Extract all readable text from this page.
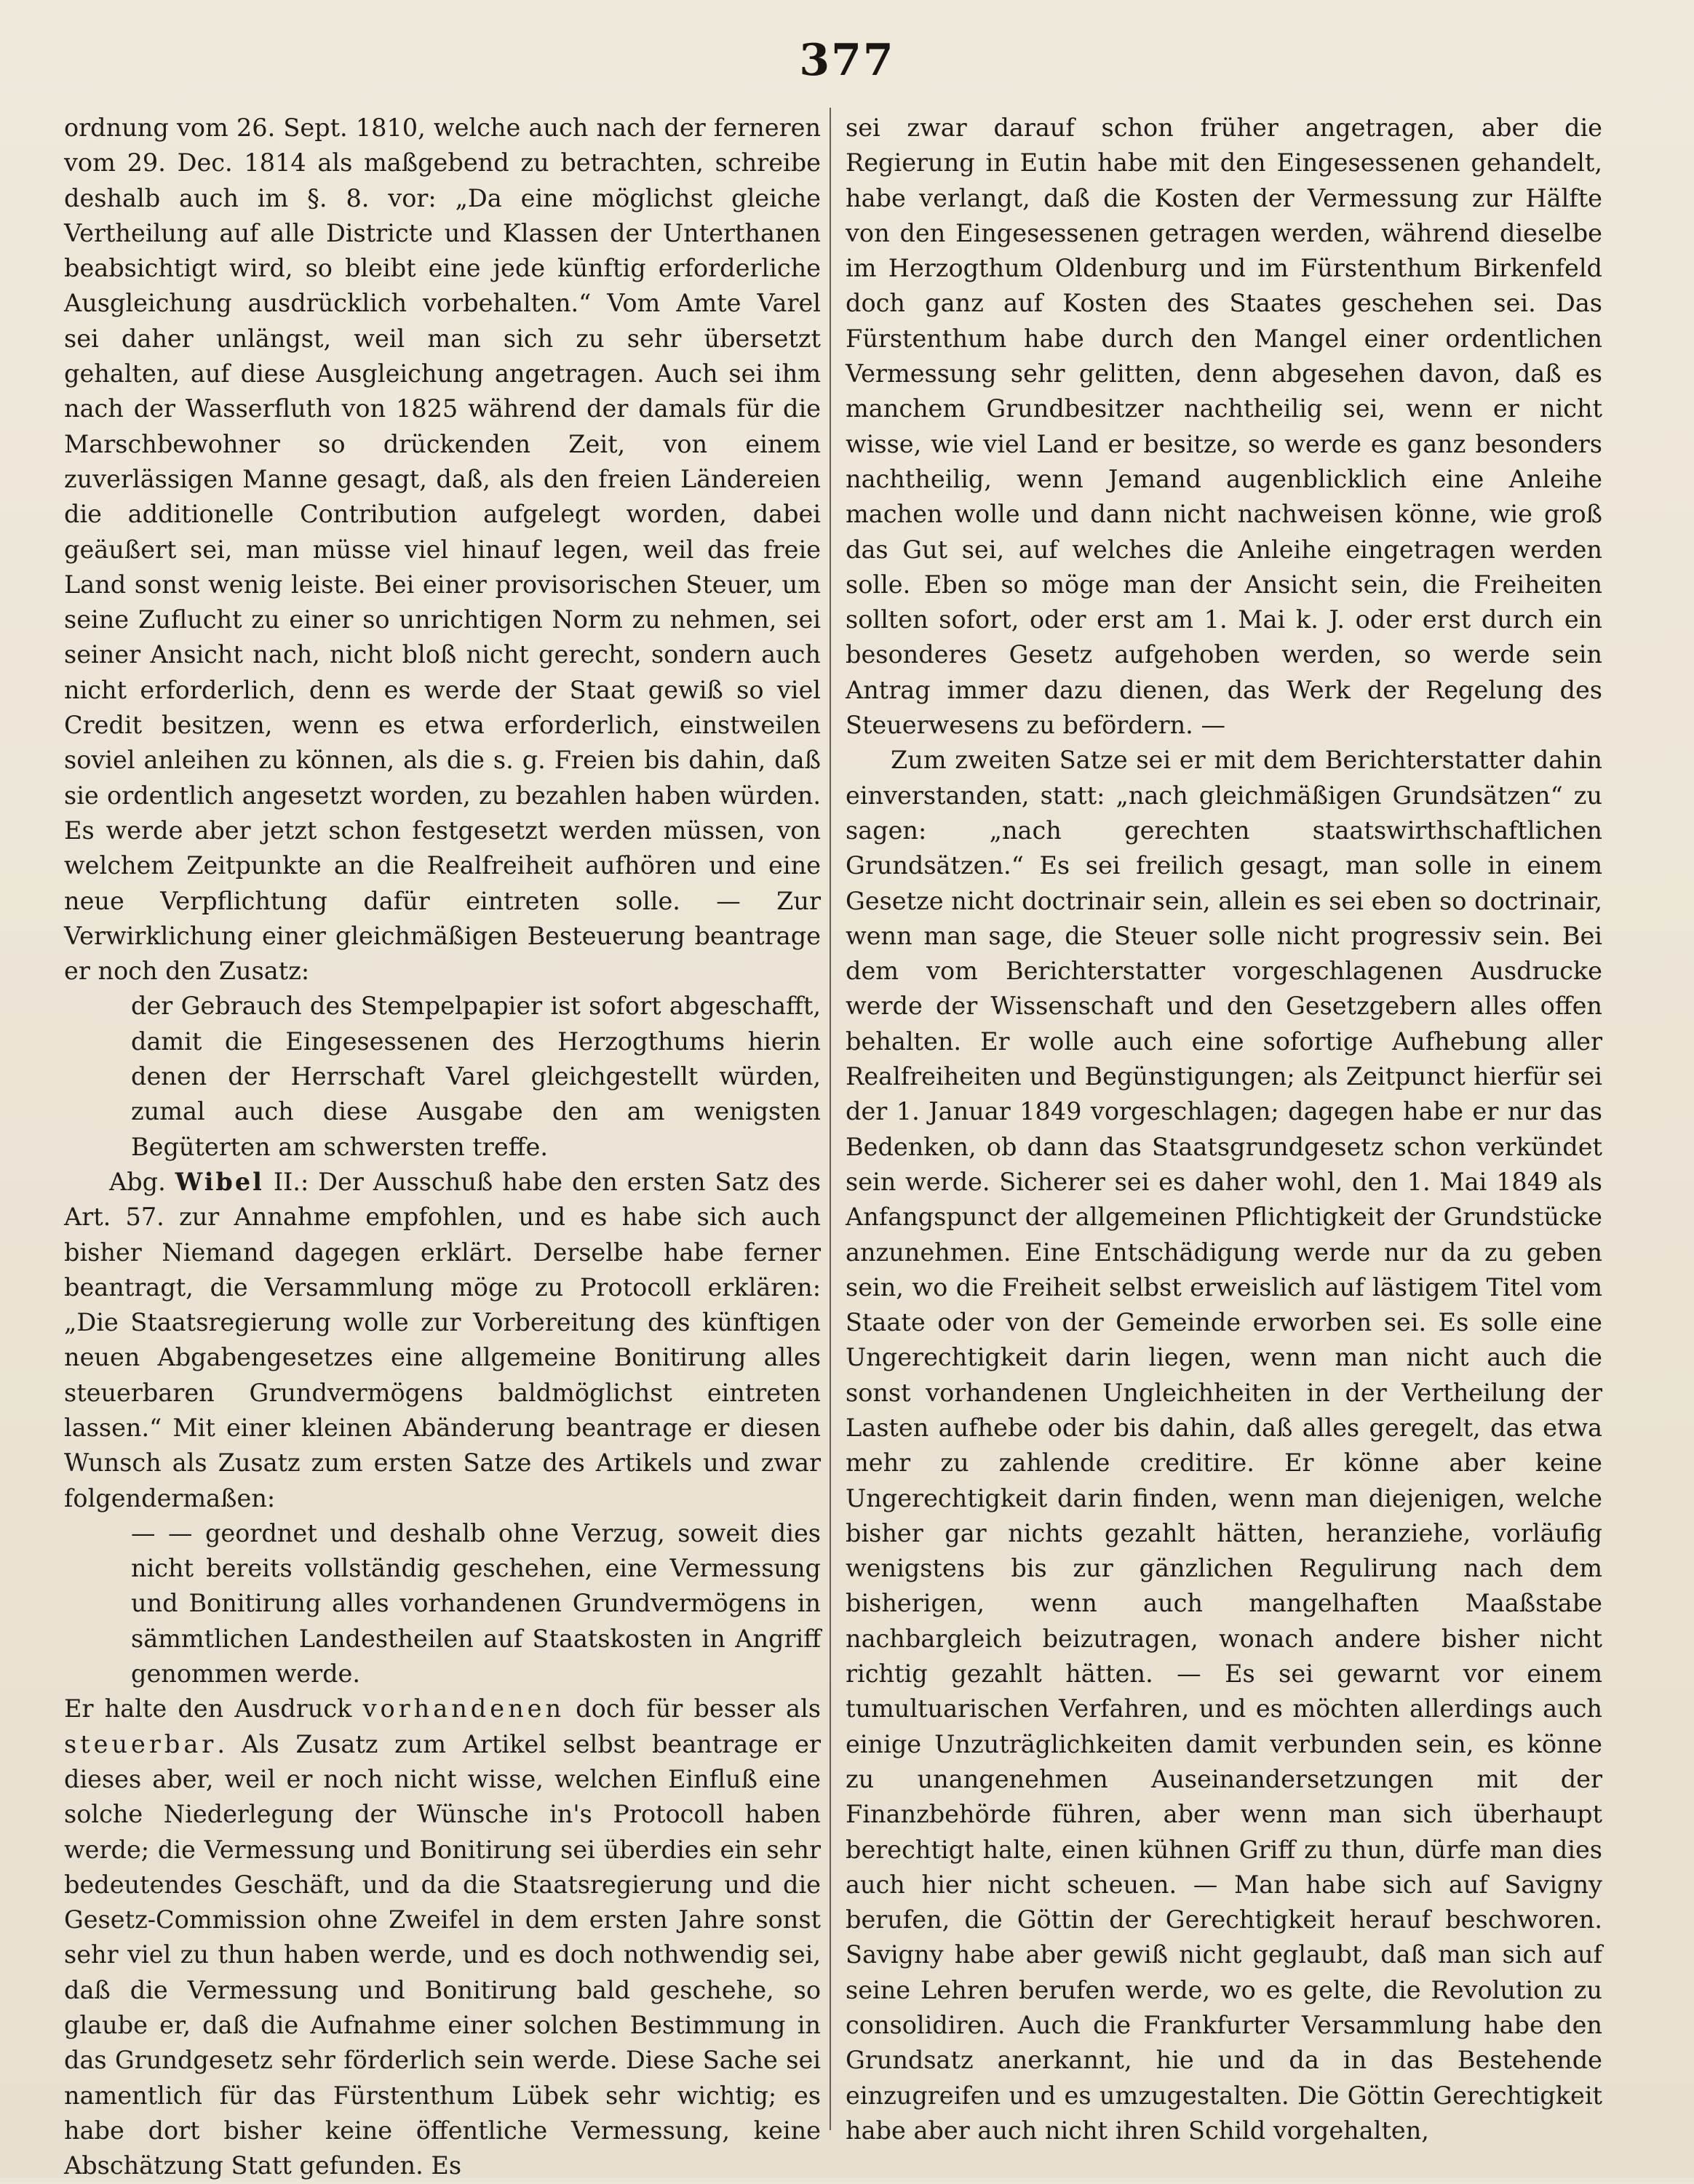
377

ordnung vom 26. Sept. 1810, welche auch nach der ferneren vom 29. Dec. 1814 als maßgebend zu betrachten, schreibe deshalb auch im §. 8. vor: „Da eine möglichst gleiche Vertheilung auf alle Districte und Klassen der Unterthanen beabsichtigt wird, so bleibt eine jede künftig erforderliche Ausgleichung ausdrücklich vorbehalten.“ Vom Amte Varel sei daher unlängst, weil man sich zu sehr übersetzt gehalten, auf diese Ausgleichung angetragen. Auch sei ihm nach der Wasserfluth von 1825 während der damals für die Marschbewohner so drückenden Zeit, von einem zuverlässigen Manne gesagt, daß, als den freien Ländereien die additionelle Contribution aufgelegt worden, dabei geäußert sei, man müsse viel hinauf legen, weil das freie Land sonst wenig leiste. Bei einer provisorischen Steuer, um seine Zuflucht zu einer so unrichtigen Norm zu nehmen, sei seiner Ansicht nach, nicht bloß nicht gerecht, sondern auch nicht erforderlich, denn es werde der Staat gewiß so viel Credit besitzen, wenn es etwa erforderlich, einstweilen soviel anleihen zu können, als die s. g. Freien bis dahin, daß sie ordentlich angesetzt worden, zu bezahlen haben würden. Es werde aber jetzt schon festgesetzt werden müssen, von welchem Zeitpunkte an die Realfreiheit aufhören und eine neue Verpflichtung dafür eintreten solle. — Zur Verwirklichung einer gleichmäßigen Besteuerung beantrage er noch den Zusatz:

der Gebrauch des Stempelpapier ist sofort abgeschafft, damit die Eingesessenen des Herzogthums hierin denen der Herrschaft Varel gleichgestellt würden, zumal auch diese Ausgabe den am wenigsten Begüterten am schwersten treffe.

Abg. Wibel II.: Der Ausschuß habe den ersten Satz des Art. 57. zur Annahme empfohlen, und es habe sich auch bisher Niemand dagegen erklärt. Derselbe habe ferner beantragt, die Versammlung möge zu Protocoll erklären: „Die Staatsregierung wolle zur Vorbereitung des künftigen neuen Abgabengesetzes eine allgemeine Bonitirung alles steuerbaren Grundvermögens baldmöglichst eintreten lassen.“ Mit einer kleinen Abänderung beantrage er diesen Wunsch als Zusatz zum ersten Satze des Artikels und zwar folgendermaßen:

— — geordnet und deshalb ohne Verzug, soweit dies nicht bereits vollständig geschehen, eine Vermessung und Bonitirung alles vorhandenen Grundvermögens in sämmtlichen Landestheilen auf Staatskosten in Angriff genommen werde.

Er halte den Ausdruck vorhandenen doch für besser als steuerbar. Als Zusatz zum Artikel selbst beantrage er dieses aber, weil er noch nicht wisse, welchen Einfluß eine solche Niederlegung der Wünsche in's Protocoll haben werde; die Vermessung und Bonitirung sei überdies ein sehr bedeutendes Geschäft, und da die Staatsregierung und die Gesetz-Commission ohne Zweifel in dem ersten Jahre sonst sehr viel zu thun haben werde, und es doch nothwendig sei, daß die Vermessung und Bonitirung bald geschehe, so glaube er, daß die Aufnahme einer solchen Bestimmung in das Grundgesetz sehr förderlich sein werde. Diese Sache sei namentlich für das Fürstenthum Lübek sehr wichtig; es habe dort bisher keine öffentliche Vermessung, keine Abschätzung Statt gefunden. Es

sei zwar darauf schon früher angetragen, aber die Regierung in Eutin habe mit den Eingesessenen gehandelt, habe verlangt, daß die Kosten der Vermessung zur Hälfte von den Eingesessenen getragen werden, während dieselbe im Herzogthum Oldenburg und im Fürstenthum Birkenfeld doch ganz auf Kosten des Staates geschehen sei. Das Fürstenthum habe durch den Mangel einer ordentlichen Vermessung sehr gelitten, denn abgesehen davon, daß es manchem Grundbesitzer nachtheilig sei, wenn er nicht wisse, wie viel Land er besitze, so werde es ganz besonders nachtheilig, wenn Jemand augenblicklich eine Anleihe machen wolle und dann nicht nachweisen könne, wie groß das Gut sei, auf welches die Anleihe eingetragen werden solle. Eben so möge man der Ansicht sein, die Freiheiten sollten sofort, oder erst am 1. Mai k. J. oder erst durch ein besonderes Gesetz aufgehoben werden, so werde sein Antrag immer dazu dienen, das Werk der Regelung des Steuerwesens zu befördern. —

Zum zweiten Satze sei er mit dem Berichterstatter dahin einverstanden, statt: „nach gleichmäßigen Grundsätzen“ zu sagen: „nach gerechten staatswirthschaftlichen Grundsätzen.“ Es sei freilich gesagt, man solle in einem Gesetze nicht doctrinair sein, allein es sei eben so doctrinair, wenn man sage, die Steuer solle nicht progressiv sein. Bei dem vom Berichterstatter vorgeschlagenen Ausdrucke werde der Wissenschaft und den Gesetzgebern alles offen behalten. Er wolle auch eine sofortige Aufhebung aller Realfreiheiten und Begünstigungen; als Zeitpunct hierfür sei der 1. Januar 1849 vorgeschlagen; dagegen habe er nur das Bedenken, ob dann das Staatsgrundgesetz schon verkündet sein werde. Sicherer sei es daher wohl, den 1. Mai 1849 als Anfangspunct der allgemeinen Pflichtigkeit der Grundstücke anzunehmen. Eine Entschädigung werde nur da zu geben sein, wo die Freiheit selbst erweislich auf lästigem Titel vom Staate oder von der Gemeinde erworben sei. Es solle eine Ungerechtigkeit darin liegen, wenn man nicht auch die sonst vorhandenen Ungleichheiten in der Vertheilung der Lasten aufhebe oder bis dahin, daß alles geregelt, das etwa mehr zu zahlende creditire. Er könne aber keine Ungerechtigkeit darin finden, wenn man diejenigen, welche bisher gar nichts gezahlt hätten, heranziehe, vorläufig wenigstens bis zur gänzlichen Regulirung nach dem bisherigen, wenn auch mangelhaften Maaßstabe nachbargleich beizutragen, wonach andere bisher nicht richtig gezahlt hätten. — Es sei gewarnt vor einem tumultuarischen Verfahren, und es möchten allerdings auch einige Unzuträglichkeiten damit verbunden sein, es könne zu unangenehmen Auseinandersetzungen mit der Finanzbehörde führen, aber wenn man sich überhaupt berechtigt halte, einen kühnen Griff zu thun, dürfe man dies auch hier nicht scheuen. — Man habe sich auf Savigny berufen, die Göttin der Gerechtigkeit herauf beschworen. Savigny habe aber gewiß nicht geglaubt, daß man sich auf seine Lehren berufen werde, wo es gelte, die Revolution zu consolidiren. Auch die Frankfurter Versammlung habe den Grundsatz anerkannt, hie und da in das Bestehende einzugreifen und es umzugestalten. Die Göttin Gerechtigkeit habe aber auch nicht ihren Schild vorgehalten,
